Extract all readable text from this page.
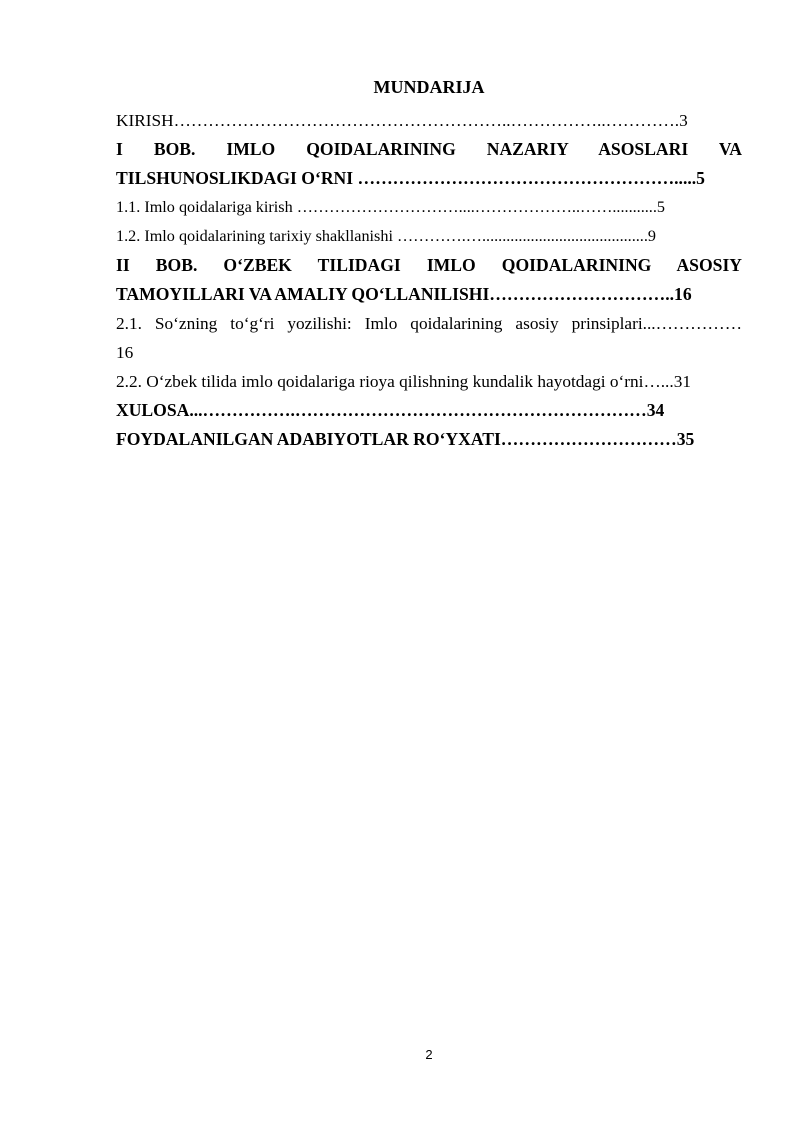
MUNDARIJA
KIRISH…………………………………………………..……………..………….3
I BOB. IMLO QOIDALARINING NAZARIY ASOSLARI VA
TILSHUNOSLIKDAGI O‘RNI ……………………………………………….....5
1.1. Imlo qoidalariga kirish …………………………....………………..……...........5
1.2. Imlo qoidalarining tarixiy shakllanishi ………….….........................................9
II BOB. O‘ZBEK TILIDAGI IMLO QOIDALARINING ASOSIY
TAMOYILLARI VA AMALIY QO‘LLANILISHI…………………………..16
2.1. So‘zning to‘g‘ri yozilishi: Imlo qoidalarining asosiy prinsiplari...……………
16
2.2. O‘zbek tilida imlo qoidalariga rioya qilishning kundalik hayotdagi o‘rni…...31
XULOSA...…………….……………………………………………………34
FOYDALANILGAN ADABIYOTLAR RO‘YXATI…………………………35
2
